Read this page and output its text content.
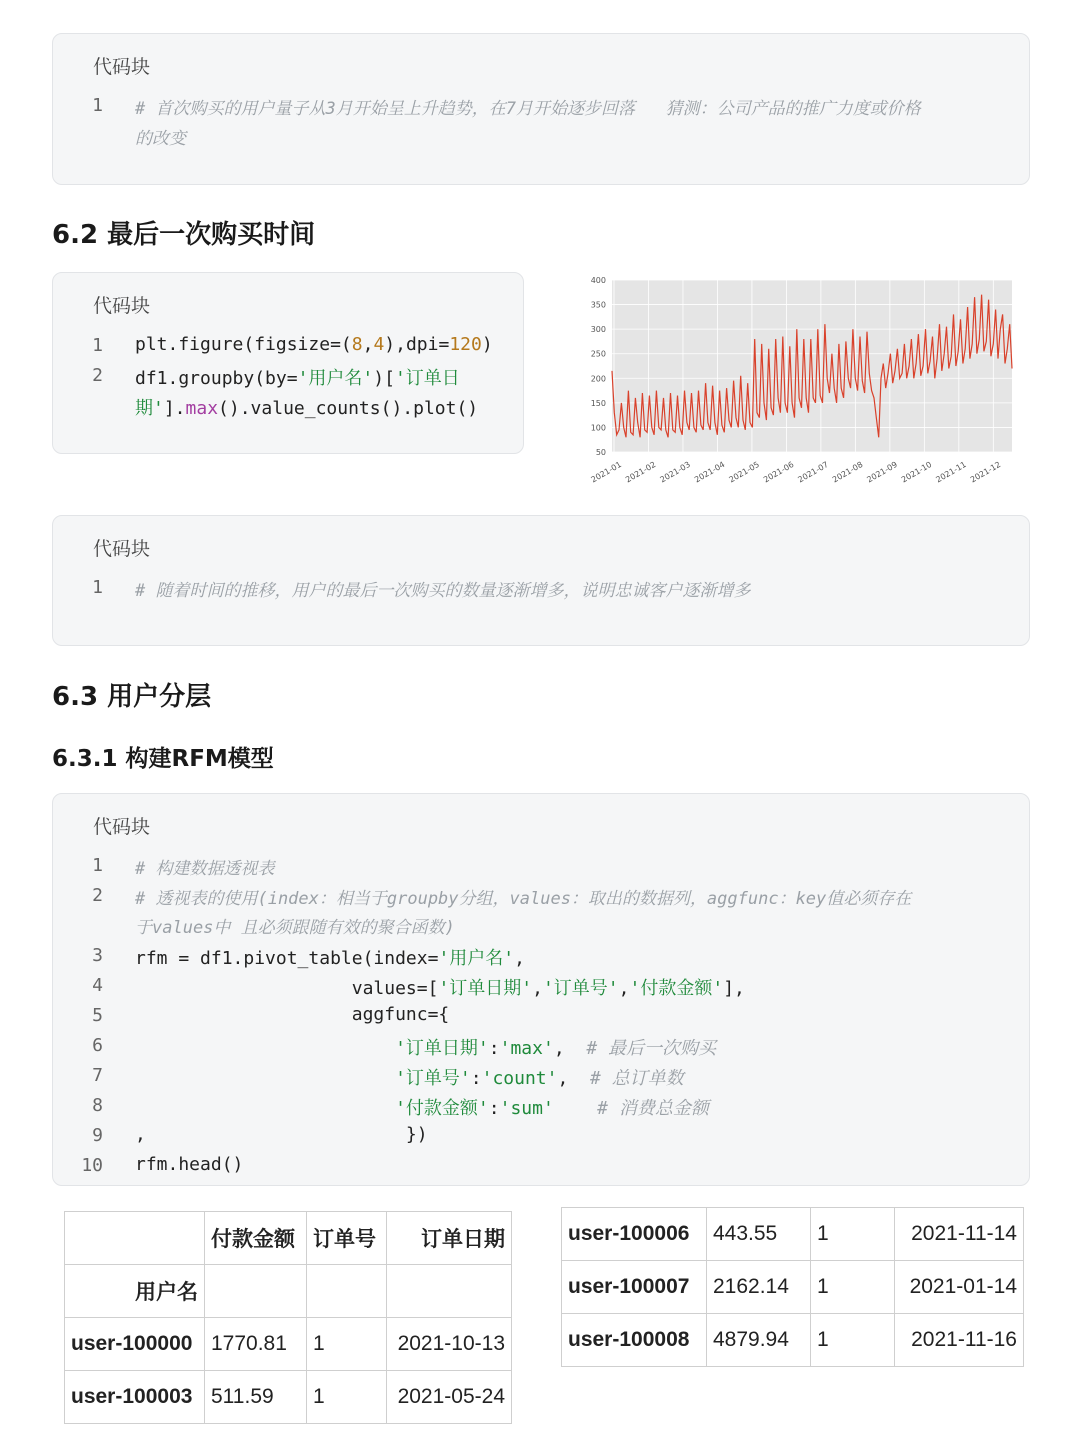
代码块
1 # 首次购买的用户量子从3月开始呈上升趋势，在7月开始逐步回落   猜测：公司产品的推广力度或价格
的改变
6.2 最后一次购买时间
代码块
1 plt.figure(figsize=(8,4),dpi=120)
2 df1.groupby(by='用户名')['订单日
期'].max().value_counts().plot()
50
100
150
200
250
300
350
400
2021-01 2021-02 2021-03 2021-04 2021-05 2021-06 2021-07 2021-08 2021-09 2021-10 2021-11 2021-12
代码块
1 # 随着时间的推移，用户的最后一次购买的数量逐渐增多，说明忠诚客户逐渐增多
6.3 用户分层
6.3.1 构建RFM模型
代码块
1 # 构建数据透视表
2 # 透视表的使用(index：相当于groupby分组，values：取出的数据列，aggfunc：key值必须存在
于values中 且必须跟随有效的聚合函数)
3 rfm = df1.pivot_table(index='用户名',
4 values=['订单日期','订单号','付款金额'],
5 aggfunc={
6	'订单日期':'max',  # 最后一次购买
7	'订单号':'count',  # 总订单数
8	'付款金额':'sum' # 消费总金额
9 ,                        })
10 rfm.head()
	付款金额	订单号	订单日期
用户名			
user-100000	1770.81	1	2021-10-13
user-100003	511.59	1	2021-05-24
user-100006	443.55	1	2021-11-14
user-100007	2162.14	1	2021-01-14
user-100008	4879.94	1	2021-11-16
